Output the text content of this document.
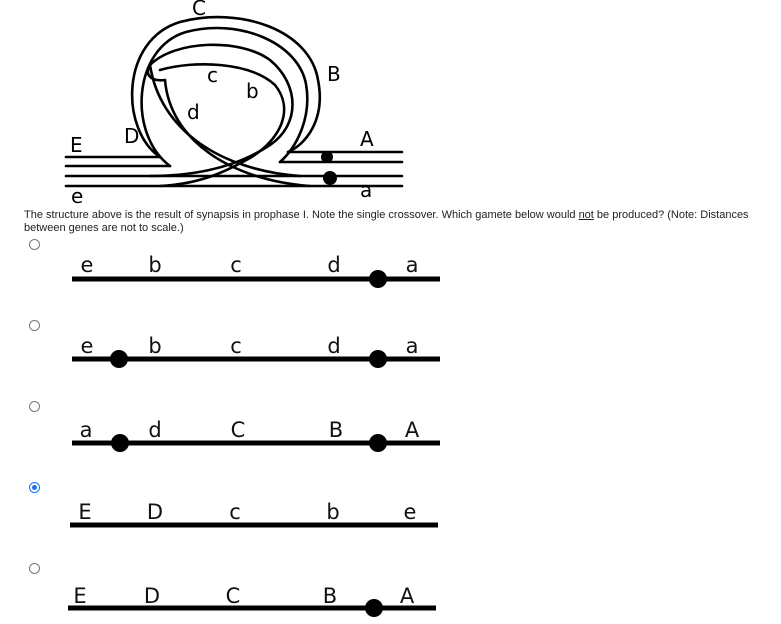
C
c
b
d
D
E
e
B
A
a
The structure above is the result of synapsis in prophase I. Note the single crossover. Which gamete below would not be produced? (Note: Distances between genes are not to scale.)
e	b	c	d	a
e	b	c	d	a
a	d	C	B	A
E	D	c	b	e
E	D	C	B	A
